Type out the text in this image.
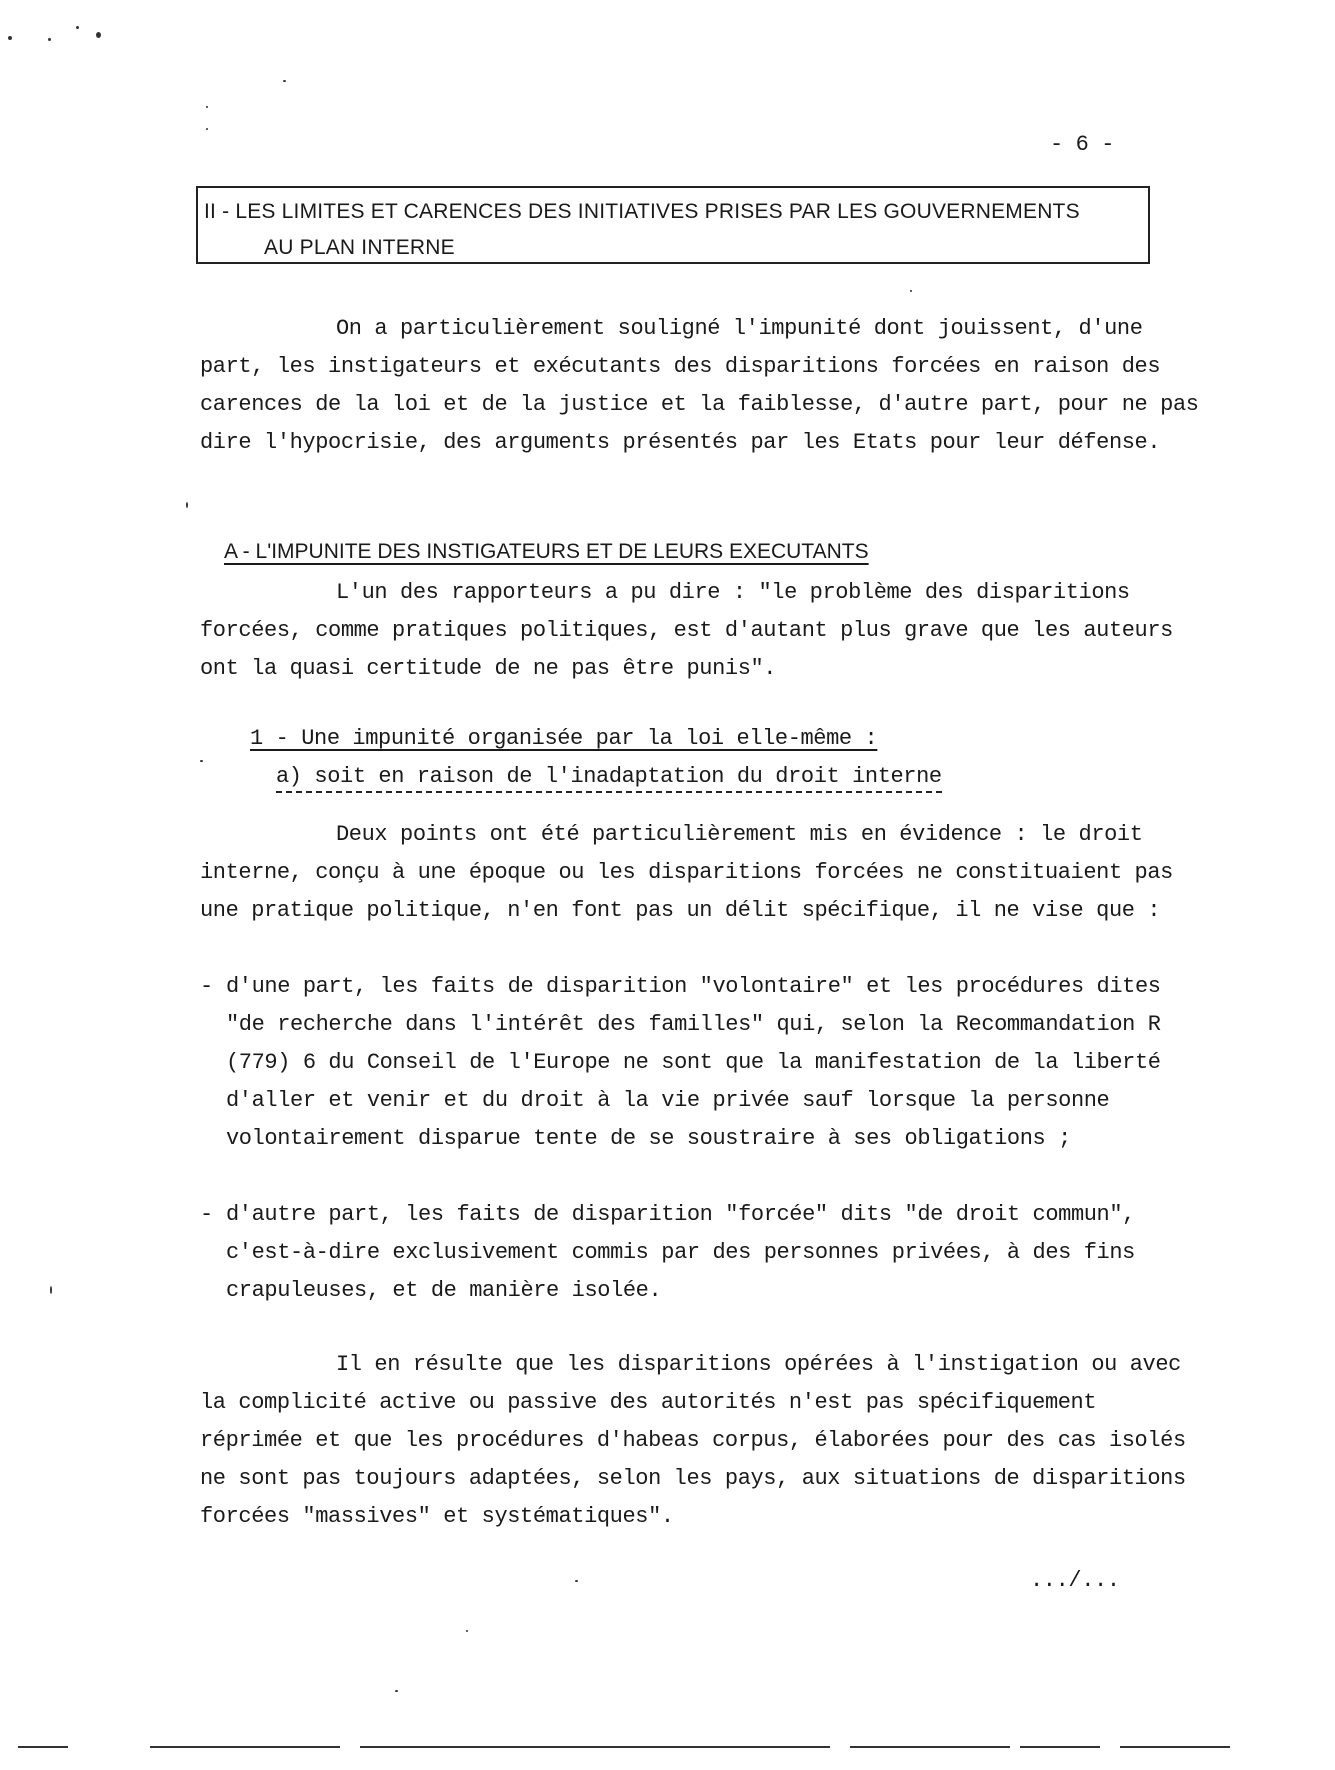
- 6 -
II - LES LIMITES ET CARENCES DES INITIATIVES PRISES PAR LES GOUVERNEMENTS
AU PLAN INTERNE

On a particulièrement souligné l'impunité dont jouissent, d'une part, les instigateurs et exécutants des disparitions forcées en raison des carences de la loi et de la justice et la faiblesse, d'autre part, pour ne pas dire l'hypocrisie, des arguments présentés par les Etats pour leur défense.

A - L'IMPUNITE DES INSTIGATEURS ET DE LEURS EXECUTANTS

L'un des rapporteurs a pu dire : "le problème des disparitions forcées, comme pratiques politiques, est d'autant plus grave que les auteurs ont la quasi certitude de ne pas être punis".

1 - Une impunité organisée par la loi elle-même :
a) soit en raison de l'inadaptation du droit interne

Deux points ont été particulièrement mis en évidence : le droit interne, conçu à une époque ou les disparitions forcées ne constituaient pas une pratique politique, n'en font pas un délit spécifique, il ne vise que :

- d'une part, les faits de disparition "volontaire" et les procédures dites "de recherche dans l'intérêt des familles" qui, selon la Recommandation R (779) 6 du Conseil de l'Europe ne sont que la manifestation de la liberté d'aller et venir et du droit à la vie privée sauf lorsque la personne volontairement disparue tente de se soustraire à ses obligations ;
- d'autre part, les faits de disparition "forcée" dits "de droit commun", c'est-à-dire exclusivement commis par des personnes privées, à des fins crapuleuses, et de manière isolée.

Il en résulte que les disparitions opérées à l'instigation ou avec la complicité active ou passive des autorités n'est pas spécifiquement réprimée et que les procédures d'habeas corpus, élaborées pour des cas isolés ne sont pas toujours adaptées, selon les pays, aux situations de disparitions forcées "massives" et systématiques".

.../...
